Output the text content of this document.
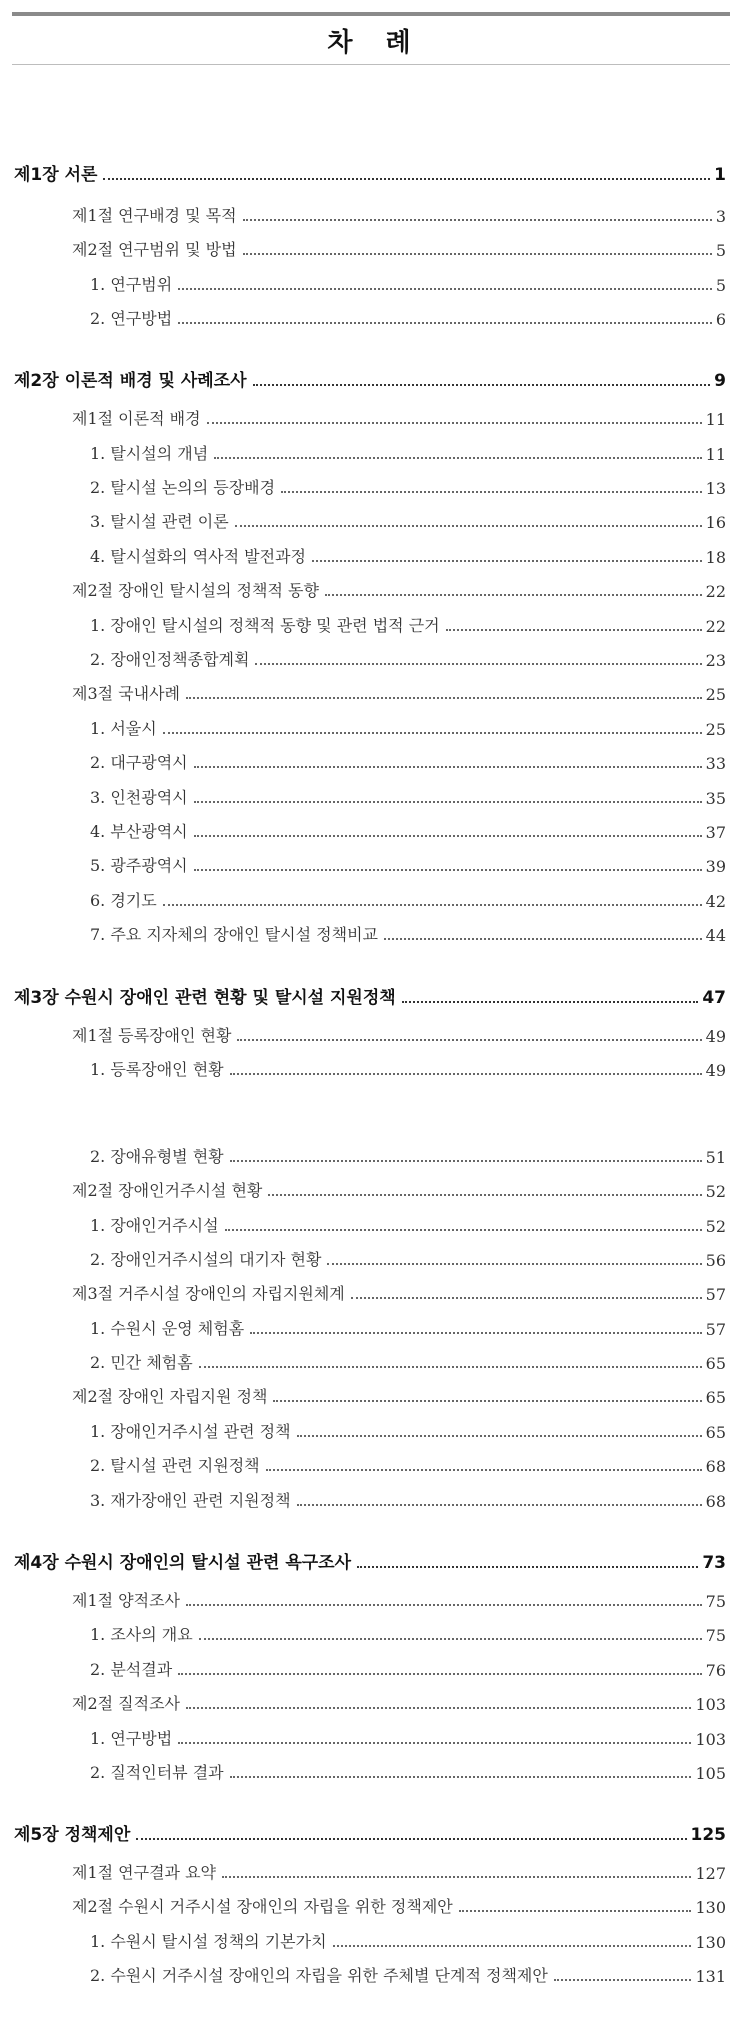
차 례
제1장 서론	1
제1절 연구배경 및 목적	3
제2절 연구범위 및 방법	5
1. 연구범위	5
2. 연구방법	6
제2장 이론적 배경 및 사례조사	9
제1절 이론적 배경	11
1. 탈시설의 개념	11
2. 탈시설 논의의 등장배경	13
3. 탈시설 관련 이론	16
4. 탈시설화의 역사적 발전과정	18
제2절 장애인 탈시설의 정책적 동향	22
1. 장애인 탈시설의 정책적 동향 및 관련 법적 근거	22
2. 장애인정책종합계획	23
제3절 국내사례	25
1. 서울시	25
2. 대구광역시	33
3. 인천광역시	35
4. 부산광역시	37
5. 광주광역시	39
6. 경기도	42
7. 주요 지자체의 장애인 탈시설 정책비교	44
제3장 수원시 장애인 관련 현황 및 탈시설 지원정책	47
제1절 등록장애인 현황	49
1. 등록장애인 현황	49
2. 장애유형별 현황	51
제2절 장애인거주시설 현황	52
1. 장애인거주시설	52
2. 장애인거주시설의 대기자 현황	56
제3절 거주시설 장애인의 자립지원체계	57
1. 수원시 운영 체험홈	57
2. 민간 체험홈	65
제2절 장애인 자립지원 정책	65
1. 장애인거주시설 관련 정책	65
2. 탈시설 관련 지원정책	68
3. 재가장애인 관련 지원정책	68
제4장 수원시 장애인의 탈시설 관련 욕구조사	73
제1절 양적조사	75
1. 조사의 개요	75
2. 분석결과	76
제2절 질적조사	103
1. 연구방법	103
2. 질적인터뷰 결과	105
제5장 정책제안	125
제1절 연구결과 요약	127
제2절 수원시 거주시설 장애인의 자립을 위한 정책제안	130
1. 수원시 탈시설 정책의 기본가치	130
2. 수원시 거주시설 장애인의 자립을 위한 주체별 단계적 정책제안	131
